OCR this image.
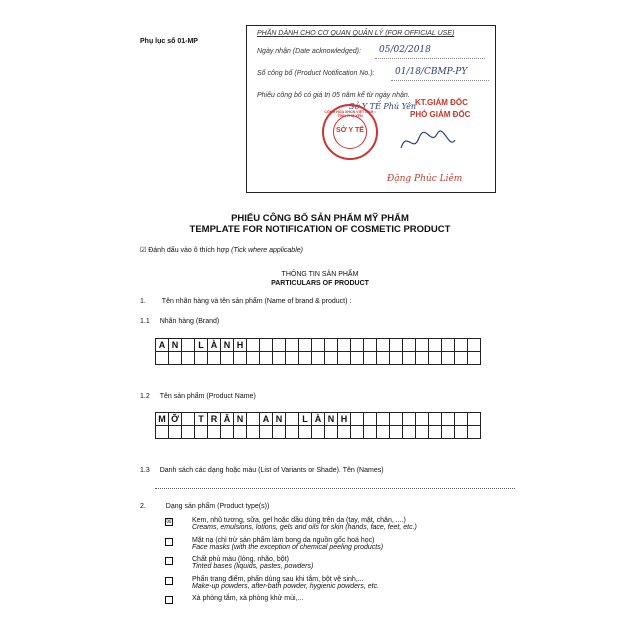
Phụ lục số 01-MP
PHẦN DÀNH CHO CƠ QUAN QUẢN LÝ (FOR OFFICIAL USE)
Ngày nhận (Date acknowledged): 05/02/2018
Số công bố (Product Notification No.): 01/18/CBMP-PY
Phiếu công bố có giá trị 05 năm kể từ ngày nhận.
Sở Y TẾ Phú Yên
CỘNG HÒA XHCN VIỆT NAM • TỈNH PHÚ YÊN
SỞ Y TẾ
KT.GIÁM ĐỐC
PHÓ GIÁM ĐỐC
Đặng Phúc Liêm
PHIẾU CÔNG BỐ SẢN PHẨM MỸ PHẨM
TEMPLATE FOR NOTIFICATION OF COSMETIC PRODUCT
☑ Đánh dấu vào ô thích hợp (Tick where applicable)
THÔNG TIN SẢN PHẨM
PARTICULARS OF PRODUCT
1. Tên nhãn hàng và tên sản phẩm (Name of brand & product) :
1.1 Nhãn hàng (Brand)
A N	L À N H
1.2 Tên sản phẩm (Product Name)
M Ỡ	T R Ă N	A N	L À N H
1.3 Danh sách các dạng hoặc màu (List of Variants or Shade). Tên (Names)
2.	Dạng sản phẩm (Product type(s))
☒	Kem, nhũ tương, sữa, gel hoặc dầu dùng trên da (tay, mặt, chân, ....)
Creams, emulsions, lotions, gels and oils for skin (hands, face, feet, etc.)
Mặt nạ (chỉ trừ sản phẩm làm bong da nguồn gốc hoá học)
Face masks (with the exception of chemical peeling products)
Chất phủ màu (lỏng, nhão, bột)
Tinted bases (liquids, pastes, powders)
Phấn trang điểm, phấn dùng sau khi tắm, bột vệ sinh,...
Make-up powders, after-bath powder, hygienic powders, etc.
Xà phòng tắm, xà phòng khử mùi,...
